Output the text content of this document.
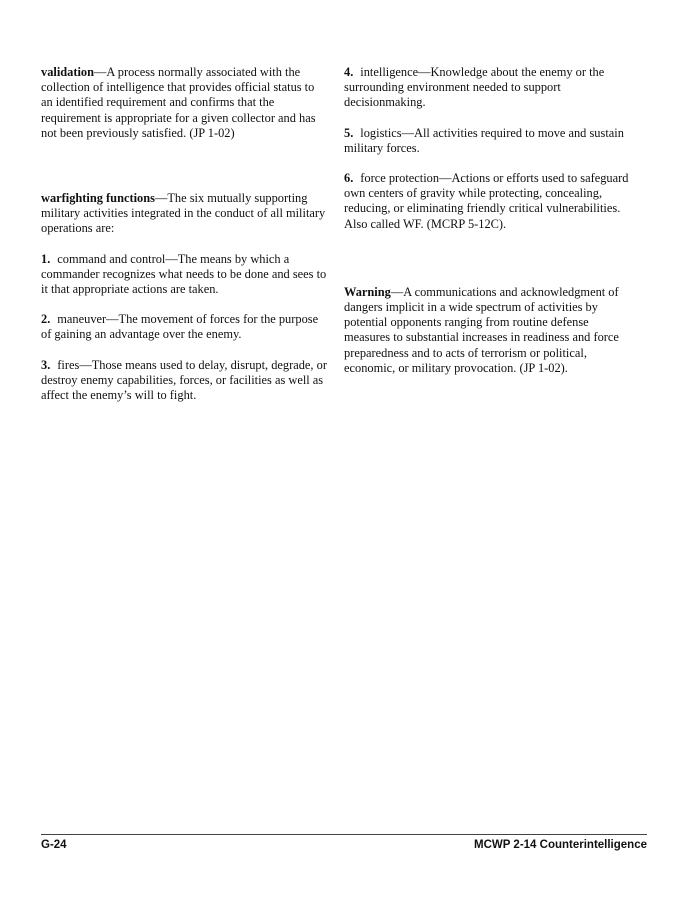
validation—A process normally associated with the collection of intelligence that provides official status to an identified requirement and confirms that the requirement is appropriate for a given collector and has not been previously satisfied. (JP 1-02)

warfighting functions—The six mutually supporting military activities integrated in the conduct of all military operations are:

1. command and control—The means by which a commander recognizes what needs to be done and sees to it that appropriate actions are taken.

2. maneuver—The movement of forces for the purpose of gaining an advantage over the enemy.

3. fires—Those means used to delay, disrupt, degrade, or destroy enemy capabilities, forces, or facilities as well as affect the enemy’s will to fight.

4. intelligence—Knowledge about the enemy or the surrounding environment needed to support decisionmaking.

5. logistics—All activities required to move and sustain military forces.

6. force protection—Actions or efforts used to safeguard own centers of gravity while protecting, concealing, reducing, or eliminating friendly critical vulnerabilities. Also called WF. (MCRP 5-12C).

Warning—A communications and acknowledgment of dangers implicit in a wide spectrum of activities by potential opponents ranging from routine defense measures to substantial increases in readiness and force preparedness and to acts of terrorism or political, economic, or military provocation. (JP 1-02).

G-24	MCWP 2-14 Counterintelligence
